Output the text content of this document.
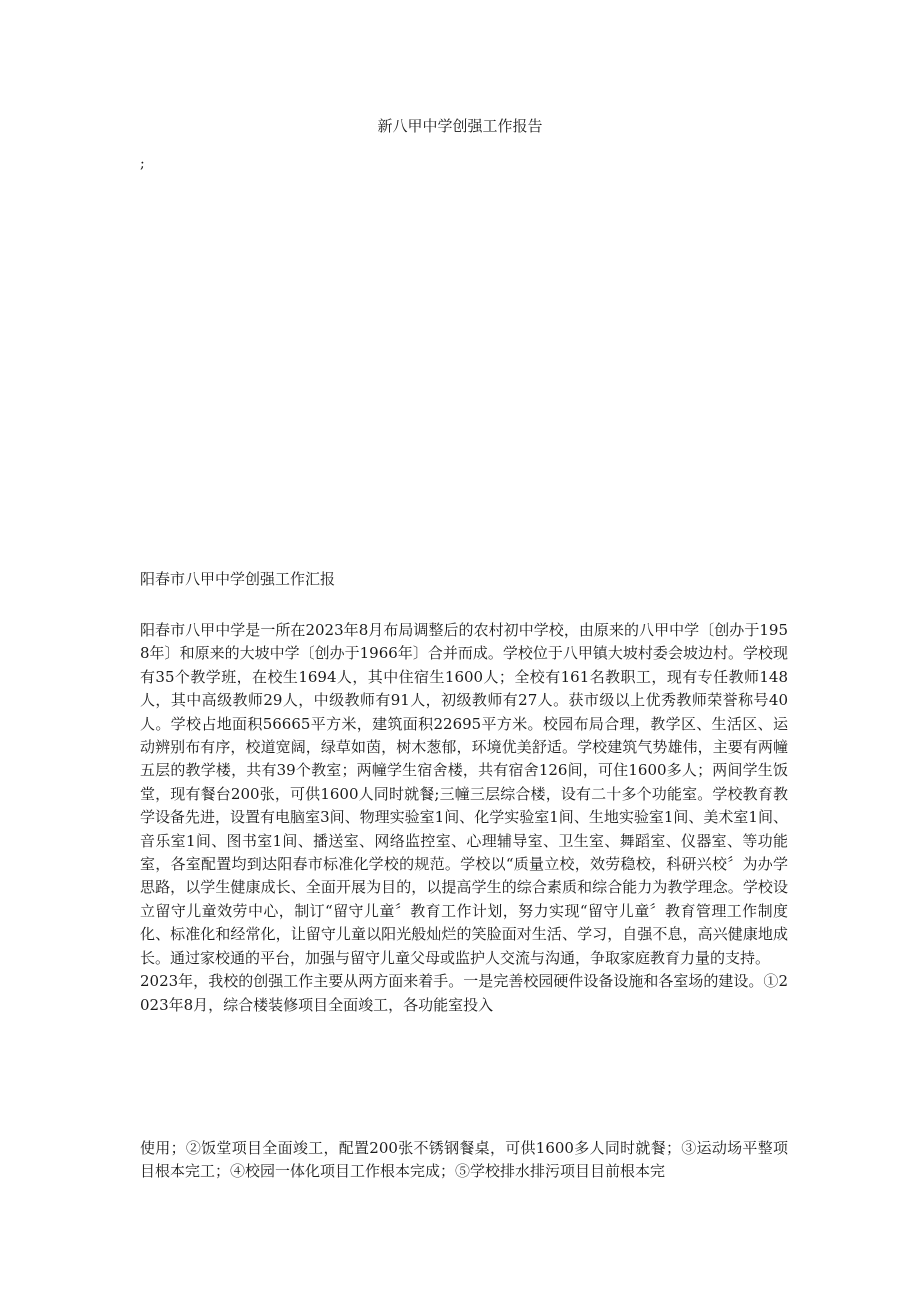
新八甲中学创强工作报告
;
阳春市八甲中学创强工作汇报

阳春市八甲中学是一所在2023年8月布局调整后的农村初中学校，由原来的八甲中学〔创办于1958年〕和原来的大坡中学〔创办于1966年〕合并而成。学校位于八甲镇大坡村委会坡边村。学校现有35个教学班，在校生1694人，其中住宿生1600人；全校有161名教职工，现有专任教师148人，其中高级教师29人，中级教师有91人，初级教师有27人。获市级以上优秀教师荣誉称号40人。学校占地面积56665平方米，建筑面积22695平方米。校园布局合理，教学区、生活区、运动辨别布有序，校道宽阔，绿草如茵，树木葱郁，环境优美舒适。学校建筑气势雄伟，主要有两幢五层的教学楼，共有39个教室；两幢学生宿舍楼，共有宿舍126间，可住1600多人；两间学生饭堂，现有餐台200张，可供1600人同时就餐;三幢三层综合楼，设有二十多个功能室。学校教育教学设备先进，设置有电脑室3间、物理实验室1间、化学实验室1间、生地实验室1间、美术室1间、音乐室1间、图书室1间、播送室、网络监控室、心理辅导室、卫生室、舞蹈室、仪器室、等功能室，各室配置均到达阳春市标准化学校的规范。学校以“质量立校，效劳稳校，科研兴校〞为办学思路，以学生健康成长、全面开展为目的，以提高学生的综合素质和综合能力为教学理念。学校设立留守儿童效劳中心，制订“留守儿童〞教育工作计划，努力实现“留守儿童〞教育管理工作制度化、标准化和经常化，让留守儿童以阳光般灿烂的笑脸面对生活、学习，自强不息，高兴健康地成长。通过家校通的平台，加强与留守儿童父母或监护人交流与沟通，争取家庭教育力量的支持。

2023年，我校的创强工作主要从两方面来着手。一是完善校园硬件设备设施和各室场的建设。①2023年8月，综合楼装修项目全面竣工，各功能室投入

使用；②饭堂项目全面竣工，配置200张不锈钢餐桌，可供1600多人同时就餐；③运动场平整项目根本完工；④校园一体化项目工作根本完成；⑤学校排水排污项目目前根本完
